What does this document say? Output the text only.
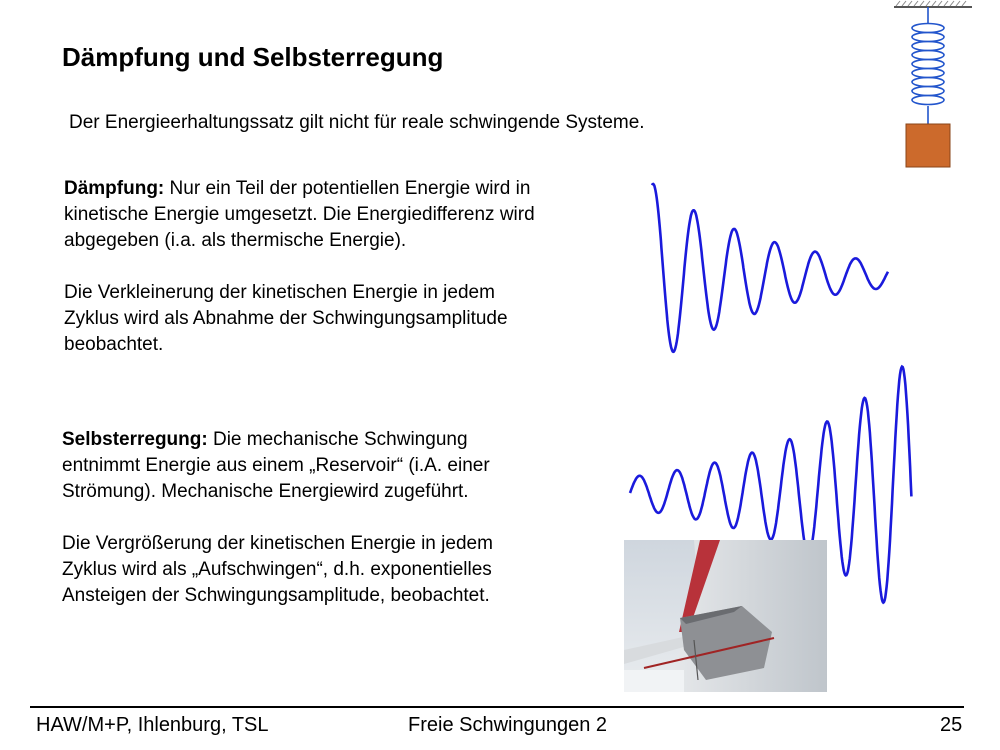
Dämpfung und Selbsterregung
Der Energieerhaltungssatz gilt nicht für reale schwingende Systeme.
Dämpfung: Nur ein Teil der potentiellen Energie wird in
kinetische Energie umgesetzt. Die Energiedifferenz wird
abgegeben (i.a. als thermische Energie).
Die Verkleinerung der kinetischen Energie in jedem
Zyklus wird als Abnahme der Schwingungsamplitude
beobachtet.
Selbsterregung: Die mechanische Schwingung
entnimmt Energie aus einem „Reservoir“ (i.A. einer
Strömung). Mechanische Energiewird zugeführt.
Die Vergrößerung der kinetischen Energie in jedem
Zyklus wird als „Aufschwingen“, d.h. exponentielles
Ansteigen der Schwingungsamplitude, beobachtet.
HAW/M+P, Ihlenburg, TSL	Freie Schwingungen 2	25
